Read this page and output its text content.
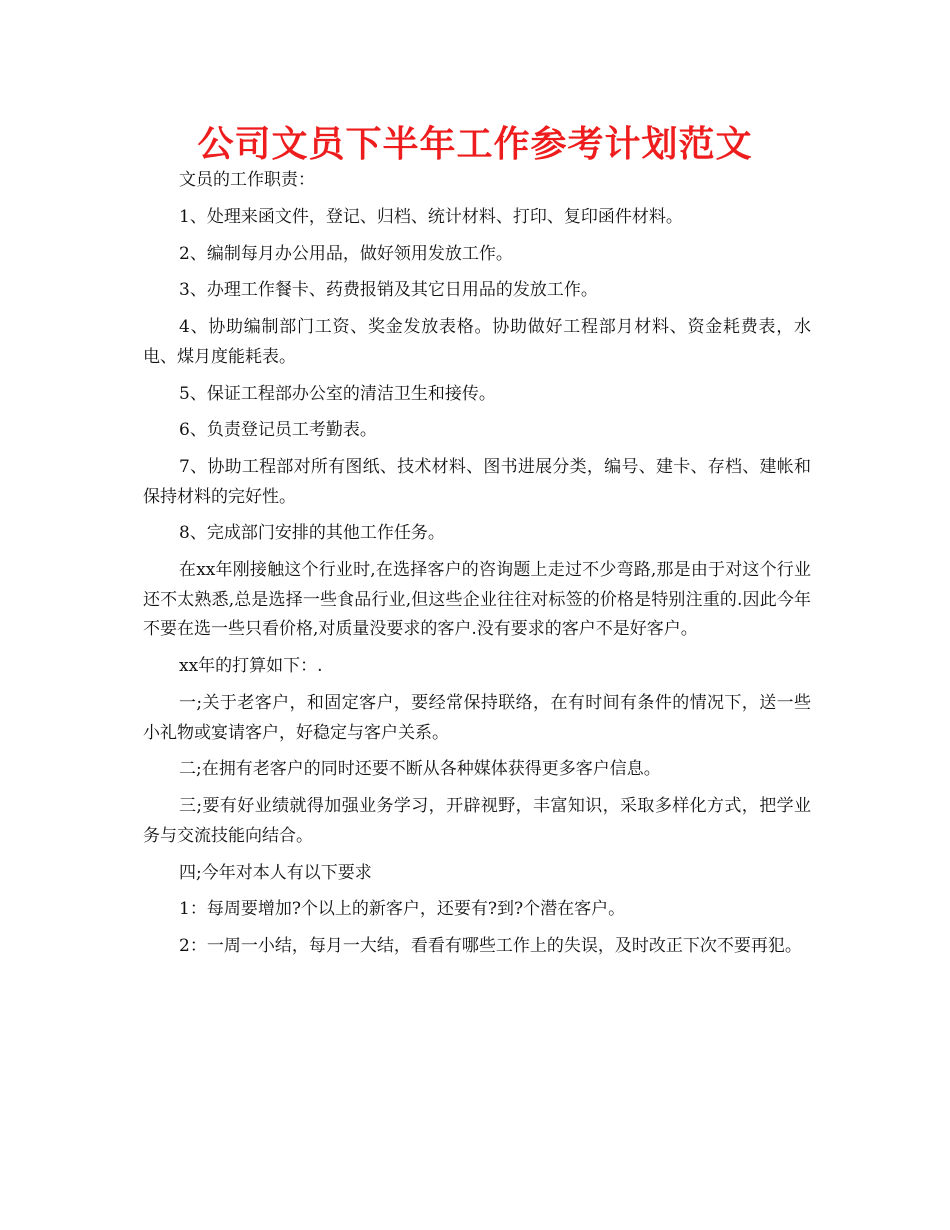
公司文员下半年工作参考计划范文

文员的工作职责：

1、处理来函文件，登记、归档、统计材料、打印、复印函件材料。

2、编制每月办公用品，做好领用发放工作。

3、办理工作餐卡、药费报销及其它日用品的发放工作。

4、协助编制部门工资、奖金发放表格。协助做好工程部月材料、资金耗费表，水电、煤月度能耗表。

5、保证工程部办公室的清洁卫生和接传。

6、负责登记员工考勤表。

7、协助工程部对所有图纸、技术材料、图书进展分类，编号、建卡、存档、建帐和保持材料的完好性。

8、完成部门安排的其他工作任务。

在xx年刚接触这个行业时,在选择客户的咨询题上走过不少弯路,那是由于对这个行业还不太熟悉,总是选择一些食品行业,但这些企业往往对标签的价格是特别注重的.因此今年不要在选一些只看价格,对质量没要求的客户.没有要求的客户不是好客户。

xx年的打算如下：.

一;关于老客户，和固定客户，要经常保持联络，在有时间有条件的情况下，送一些小礼物或宴请客户，好稳定与客户关系。

二;在拥有老客户的同时还要不断从各种媒体获得更多客户信息。

三;要有好业绩就得加强业务学习，开辟视野，丰富知识，采取多样化方式，把学业务与交流技能向结合。

四;今年对本人有以下要求

1：每周要增加?个以上的新客户，还要有?到?个潜在客户。

2：一周一小结，每月一大结，看看有哪些工作上的失误，及时改正下次不要再犯。
